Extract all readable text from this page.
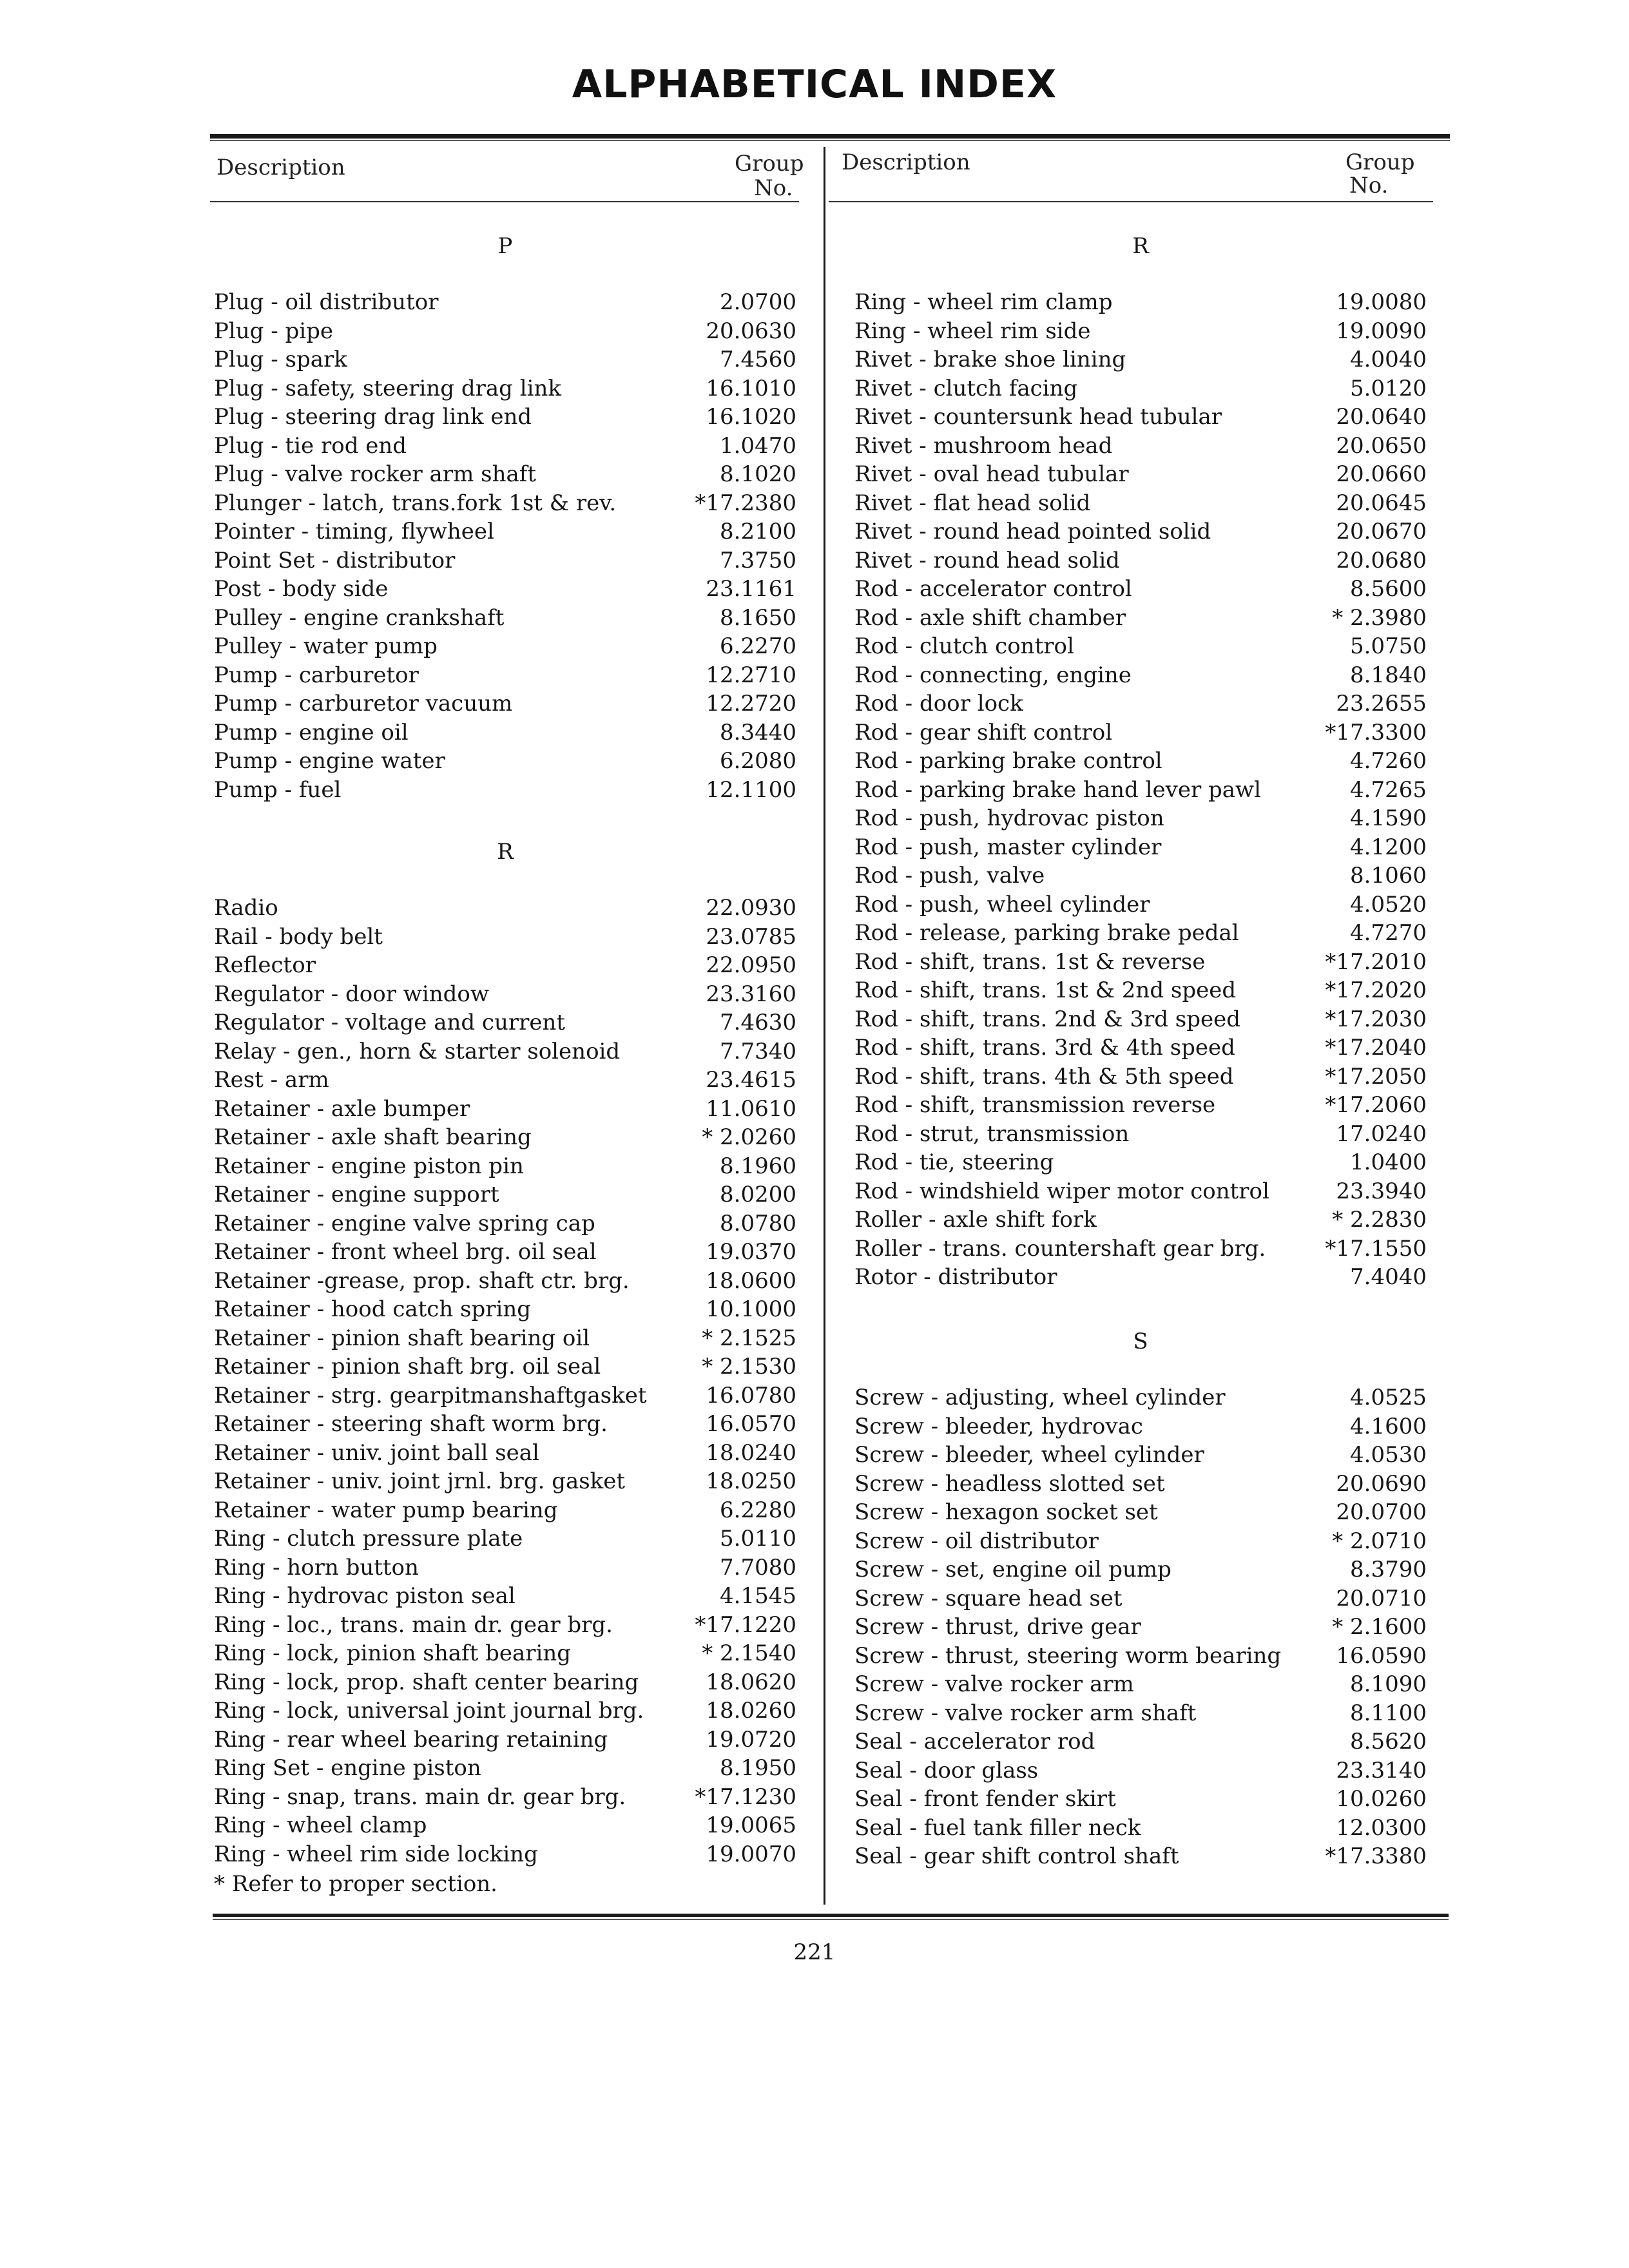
ALPHABETICAL INDEX
Description	Group
No.
Description	Group
No.
P
Plug - oil distributor	2.0700
Plug - pipe	20.0630
Plug - spark	7.4560
Plug - safety, steering drag link	16.1010
Plug - steering drag link end	16.1020
Plug - tie rod end	1.0470
Plug - valve rocker arm shaft	8.1020
Plunger - latch, trans.fork 1st & rev.	*17.2380
Pointer - timing, flywheel	8.2100
Point Set - distributor	7.3750
Post - body side	23.1161
Pulley - engine crankshaft	8.1650
Pulley - water pump	6.2270
Pump - carburetor	12.2710
Pump - carburetor vacuum	12.2720
Pump - engine oil	8.3440
Pump - engine water	6.2080
Pump - fuel	12.1100
R
Radio	22.0930
Rail - body belt	23.0785
Reflector	22.0950
Regulator - door window	23.3160
Regulator - voltage and current	7.4630
Relay - gen., horn & starter solenoid	7.7340
Rest - arm	23.4615
Retainer - axle bumper	11.0610
Retainer - axle shaft bearing	* 2.0260
Retainer - engine piston pin	8.1960
Retainer - engine support	8.0200
Retainer - engine valve spring cap	8.0780
Retainer - front wheel brg. oil seal	19.0370
Retainer -grease, prop. shaft ctr. brg.	18.0600
Retainer - hood catch spring	10.1000
Retainer - pinion shaft bearing oil	* 2.1525
Retainer - pinion shaft brg. oil seal	* 2.1530
Retainer - strg. gearpitmanshaftgasket	16.0780
Retainer - steering shaft worm brg.	16.0570
Retainer - univ. joint ball seal	18.0240
Retainer - univ. joint jrnl. brg. gasket	18.0250
Retainer - water pump bearing	6.2280
Ring - clutch pressure plate	5.0110
Ring - horn button	7.7080
Ring - hydrovac piston seal	4.1545
Ring - loc., trans. main dr. gear brg.	*17.1220
Ring - lock, pinion shaft bearing	* 2.1540
Ring - lock, prop. shaft center bearing	18.0620
Ring - lock, universal joint journal brg.	18.0260
Ring - rear wheel bearing retaining	19.0720
Ring Set - engine piston	8.1950
Ring - snap, trans. main dr. gear brg.	*17.1230
Ring - wheel clamp	19.0065
Ring - wheel rim side locking	19.0070
R
Ring - wheel rim clamp	19.0080
Ring - wheel rim side	19.0090
Rivet - brake shoe lining	4.0040
Rivet - clutch facing	5.0120
Rivet - countersunk head tubular	20.0640
Rivet - mushroom head	20.0650
Rivet - oval head tubular	20.0660
Rivet - flat head solid	20.0645
Rivet - round head pointed solid	20.0670
Rivet - round head solid	20.0680
Rod - accelerator control	8.5600
Rod - axle shift chamber	* 2.3980
Rod - clutch control	5.0750
Rod - connecting, engine	8.1840
Rod - door lock	23.2655
Rod - gear shift control	*17.3300
Rod - parking brake control	4.7260
Rod - parking brake hand lever pawl	4.7265
Rod - push, hydrovac piston	4.1590
Rod - push, master cylinder	4.1200
Rod - push, valve	8.1060
Rod - push, wheel cylinder	4.0520
Rod - release, parking brake pedal	4.7270
Rod - shift, trans. 1st & reverse	*17.2010
Rod - shift, trans. 1st & 2nd speed	*17.2020
Rod - shift, trans. 2nd & 3rd speed	*17.2030
Rod - shift, trans. 3rd & 4th speed	*17.2040
Rod - shift, trans. 4th & 5th speed	*17.2050
Rod - shift, transmission reverse	*17.2060
Rod - strut, transmission	17.0240
Rod - tie, steering	1.0400
Rod - windshield wiper motor control	23.3940
Roller - axle shift fork	* 2.2830
Roller - trans. countershaft gear brg.	*17.1550
Rotor - distributor	7.4040
S
Screw - adjusting, wheel cylinder	4.0525
Screw - bleeder, hydrovac	4.1600
Screw - bleeder, wheel cylinder	4.0530
Screw - headless slotted set	20.0690
Screw - hexagon socket set	20.0700
Screw - oil distributor	* 2.0710
Screw - set, engine oil pump	8.3790
Screw - square head set	20.0710
Screw - thrust, drive gear	* 2.1600
Screw - thrust, steering worm bearing	16.0590
Screw - valve rocker arm	8.1090
Screw - valve rocker arm shaft	8.1100
Seal - accelerator rod	8.5620
Seal - door glass	23.3140
Seal - front fender skirt	10.0260
Seal - fuel tank filler neck	12.0300
Seal - gear shift control shaft	*17.3380
* Refer to proper section.
221
